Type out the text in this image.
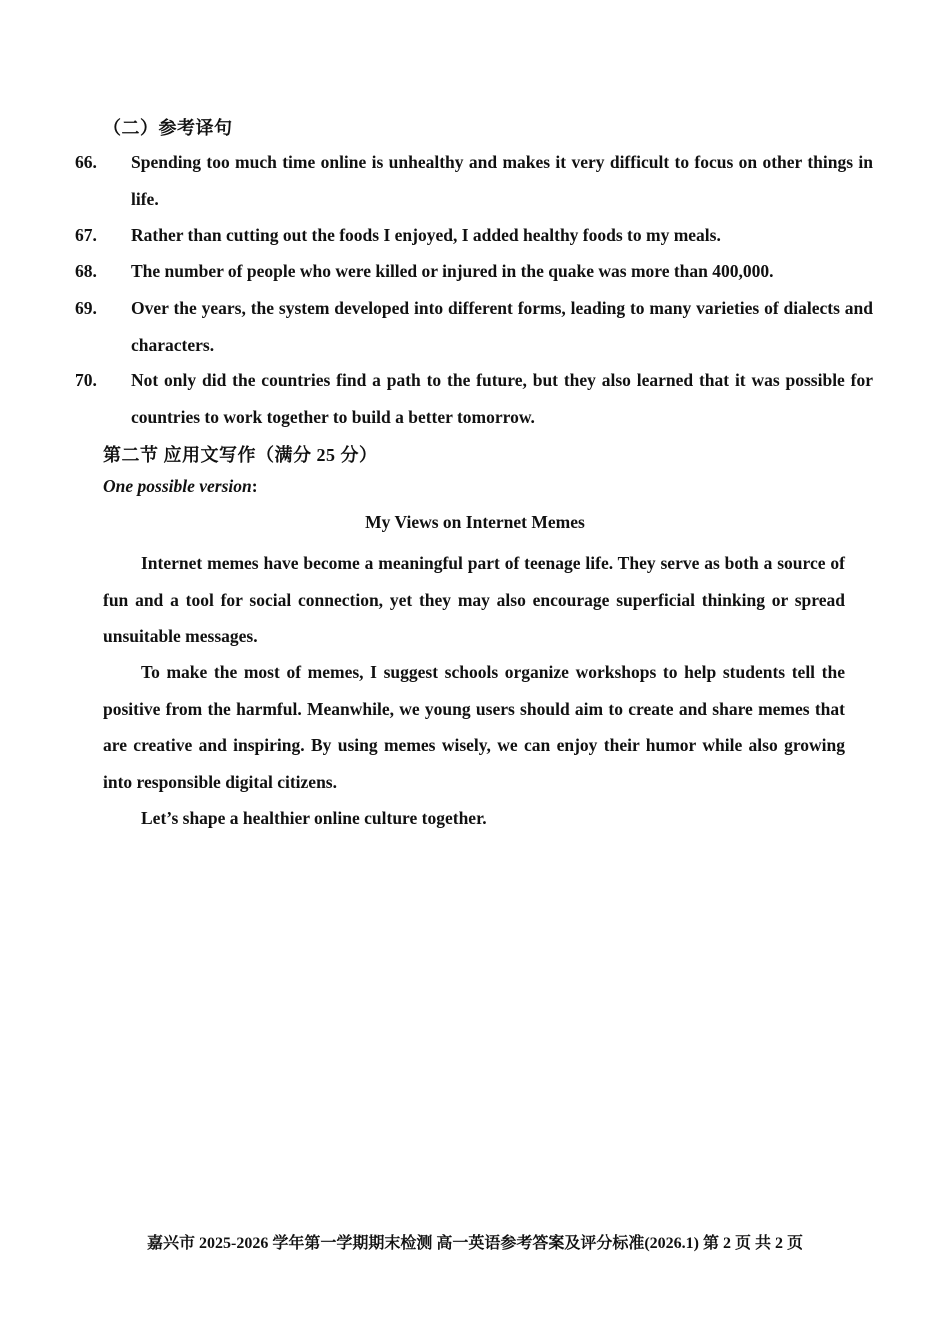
（二）参考译句
66. Spending too much time online is unhealthy and makes it very difficult to focus on other things in life.
67. Rather than cutting out the foods I enjoyed, I added healthy foods to my meals.
68. The number of people who were killed or injured in the quake was more than 400,000.
69. Over the years, the system developed into different forms, leading to many varieties of dialects and characters.
70. Not only did the countries find a path to the future, but they also learned that it was possible for countries to work together to build a better tomorrow.
第二节 应用文写作（满分 25 分）
One possible version:
My Views on Internet Memes

Internet memes have become a meaningful part of teenage life. They serve as both a source of fun and a tool for social connection, yet they may also encourage superficial thinking or spread unsuitable messages.

To make the most of memes, I suggest schools organize workshops to help students tell the positive from the harmful. Meanwhile, we young users should aim to create and share memes that are creative and inspiring. By using memes wisely, we can enjoy their humor while also growing into responsible digital citizens.

Let’s shape a healthier online culture together.

嘉兴市 2025-2026 学年第一学期期末检测 高一英语参考答案及评分标准(2026.1) 第 2 页 共 2 页
